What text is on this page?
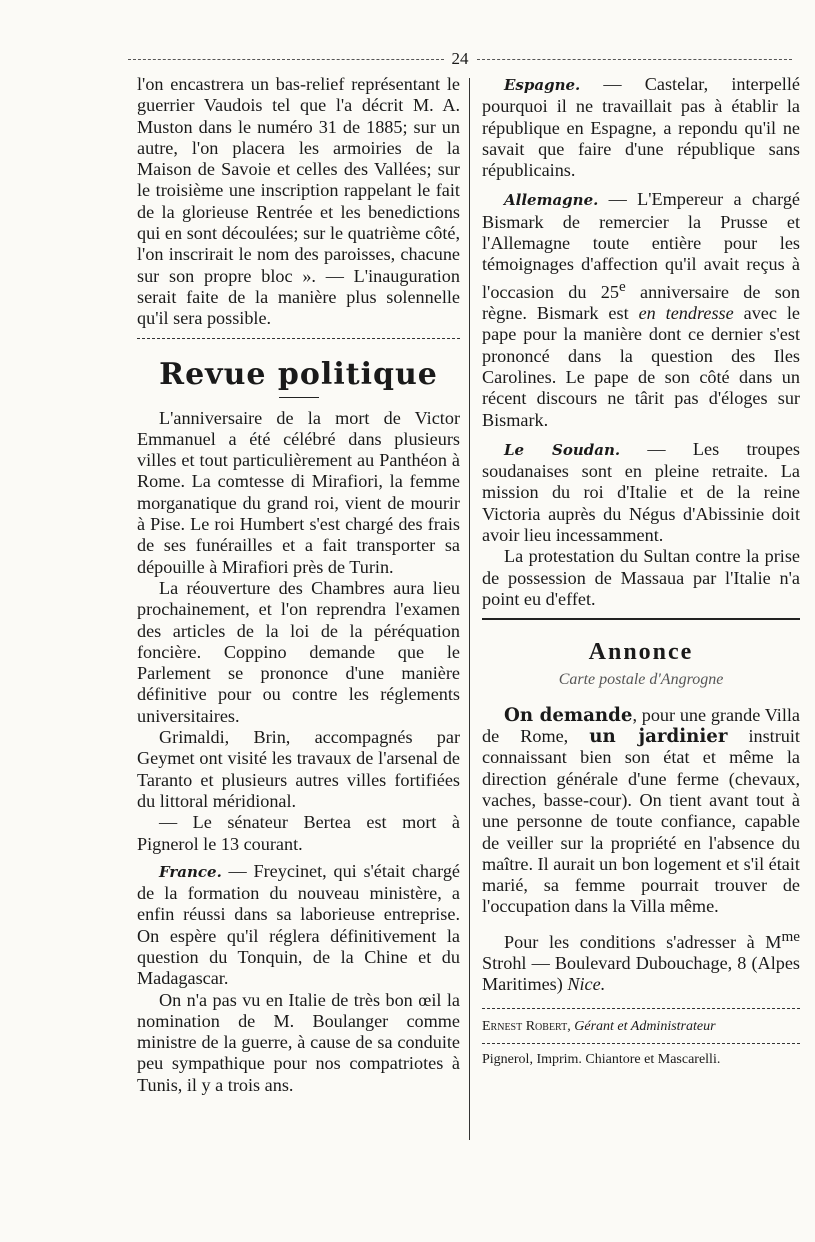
24

l'on encastrera un bas-relief représentant le guerrier Vaudois tel que l'a décrit M. A. Muston dans le numéro 31 de 1885; sur un autre, l'on placera les armoiries de la Maison de Savoie et celles des Vallées; sur le troisième une inscription rappelant le fait de la glorieuse Rentrée et les benedictions qui en sont découlées; sur le quatrième côté, l'on inscrirait le nom des paroisses, chacune sur son propre bloc ». — L'inauguration serait faite de la manière plus solennelle qu'il sera possible.

Revue politique

L'anniversaire de la mort de Victor Emmanuel a été célébré dans plusieurs villes et tout particulièrement au Panthéon à Rome. La comtesse di Mirafiori, la femme morganatique du grand roi, vient de mourir à Pise. Le roi Humbert s'est chargé des frais de ses funérailles et a fait transporter sa dépouille à Mirafiori près de Turin.

La réouverture des Chambres aura lieu prochainement, et l'on reprendra l'examen des articles de la loi de la péréquation foncière. Coppino demande que le Parlement se prononce d'une manière définitive pour ou contre les réglements universitaires.

Grimaldi, Brin, accompagnés par Geymet ont visité les travaux de l'arsenal de Taranto et plusieurs autres villes fortifiées du littoral méridional.

— Le sénateur Bertea est mort à Pignerol le 13 courant.

France. — Freycinet, qui s'était chargé de la formation du nouveau ministère, a enfin réussi dans sa laborieuse entreprise. On espère qu'il réglera définitivement la question du Tonquin, de la Chine et du Madagascar.

On n'a pas vu en Italie de très bon œil la nomination de M. Boulanger comme ministre de la guerre, à cause de sa conduite peu sympathique pour nos compatriotes à Tunis, il y a trois ans.

Espagne. — Castelar, interpellé pourquoi il ne travaillait pas à établir la république en Espagne, a repondu qu'il ne savait que faire d'une république sans républicains.

Allemagne. — L'Empereur a chargé Bismark de remercier la Prusse et l'Allemagne toute entière pour les témoignages d'affection qu'il avait reçus à l'occasion du 25e anniversaire de son règne. Bismark est en tendresse avec le pape pour la manière dont ce dernier s'est prononcé dans la question des Iles Carolines. Le pape de son côté dans un récent discours ne târit pas d'éloges sur Bismark.

Le Soudan. — Les troupes soudanaises sont en pleine retraite. La mission du roi d'Italie et de la reine Victoria auprès du Négus d'Abissinie doit avoir lieu incessamment.

La protestation du Sultan contre la prise de possession de Massaua par l'Italie n'a point eu d'effet.

Annonce
Carte postale d'Angrogne

On demande, pour une grande Villa de Rome, un jardinier instruit connaissant bien son état et même la direction générale d'une ferme (chevaux, vaches, basse-cour). On tient avant tout à une personne de toute confiance, capable de veiller sur la propriété en l'absence du maître. Il aurait un bon logement et s'il était marié, sa femme pourrait trouver de l'occupation dans la Villa même.

Pour les conditions s'adresser à $M^{me}$ Strohl — Boulevard Dubouchage, 8 (Alpes Maritimes) Nice.

Ernest Robert, Gérant et Administrateur

Pignerol, Imprim. Chiantore et Mascarelli.
